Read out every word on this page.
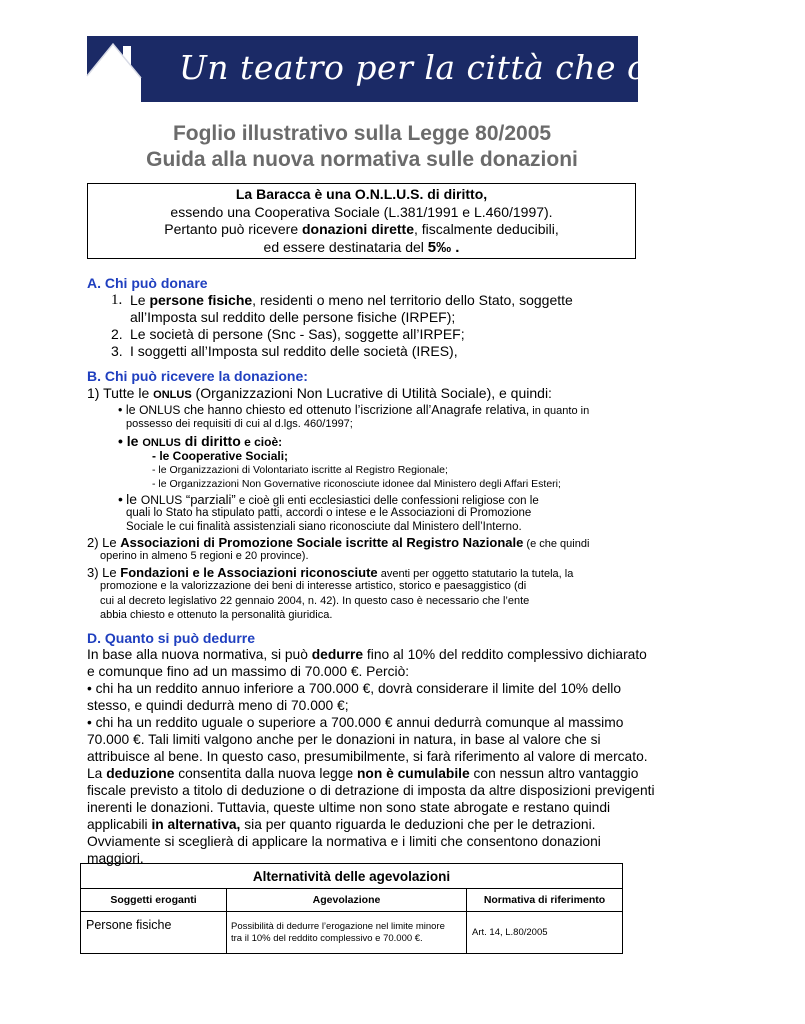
Un teatro per la città che cresce . . .
Foglio illustrativo sulla Legge 80/2005
Guida alla nuova normativa sulle donazioni
La Baracca è una O.N.L.U.S. di diritto,
essendo una Cooperativa Sociale (L.381/1991 e L.460/1997).
Pertanto può ricevere donazioni dirette, fiscalmente deducibili,
ed essere destinataria del 5‰ .
A. Chi può donare
1. Le persone fisiche, residenti o meno nel territorio dello Stato, soggette
all’Imposta sul reddito delle persone fisiche (IRPEF);
2. Le società di persone (Snc - Sas), soggette all’IRPEF;
3. I soggetti all’Imposta sul reddito delle società (IRES),
B. Chi può ricevere la donazione:
1) Tutte le ONLUS (Organizzazioni Non Lucrative di Utilità Sociale), e quindi:
• le ONLUS che hanno chiesto ed ottenuto l’iscrizione all’Anagrafe relativa, in quanto in
possesso dei requisiti di cui al d.lgs. 460/1997;
• le ONLUS di diritto e cioè:
- le Cooperative Sociali;
- le Organizzazioni di Volontariato iscritte al Registro Regionale;
- le Organizzazioni Non Governative riconosciute idonee dal Ministero degli Affari Esteri;
• le ONLUS “parziali” e cioè gli enti ecclesiastici delle confessioni religiose con le
quali lo Stato ha stipulato patti, accordi o intese e le Associazioni di Promozione
Sociale le cui finalità assistenziali siano riconosciute dal Ministero dell’Interno.
2) Le Associazioni di Promozione Sociale iscritte al Registro Nazionale (e che quindi
operino in almeno 5 regioni e 20 province).
3) Le Fondazioni e le Associazioni riconosciute aventi per oggetto statutario la tutela, la
promozione e la valorizzazione dei beni di interesse artistico, storico e paesaggistico (di
cui al decreto legislativo 22 gennaio 2004, n. 42). In questo caso è necessario che l’ente
abbia chiesto e ottenuto la personalità giuridica.
D. Quanto si può dedurre
In base alla nuova normativa, si può dedurre fino al 10% del reddito complessivo dichiarato
e comunque fino ad un massimo di 70.000 €. Perciò:
• chi ha un reddito annuo inferiore a 700.000 €, dovrà considerare il limite del 10% dello
stesso, e quindi dedurrà meno di 70.000 €;
• chi ha un reddito uguale o superiore a 700.000 € annui dedurrà comunque al massimo
70.000 €. Tali limiti valgono anche per le donazioni in natura, in base al valore che si
attribuisce al bene. In questo caso, presumibilmente, si farà riferimento al valore di mercato.
La deduzione consentita dalla nuova legge non è cumulabile con nessun altro vantaggio
fiscale previsto a titolo di deduzione o di detrazione di imposta da altre disposizioni previgenti
inerenti le donazioni. Tuttavia, queste ultime non sono state abrogate e restano quindi
applicabili in alternativa, sia per quanto riguarda le deduzioni che per le detrazioni.
Ovviamente si sceglierà di applicare la normativa e i limiti che consentono donazioni
maggiori.
Alternatività delle agevolazioni		
Soggetti eroganti	Agevolazione	Normativa di riferimento
Persone fisiche	Possibilità di dedurre l’erogazione nel limite minore
tra il 10% del reddito complessivo e 70.000 €.	Art. 14, L.80/2005
